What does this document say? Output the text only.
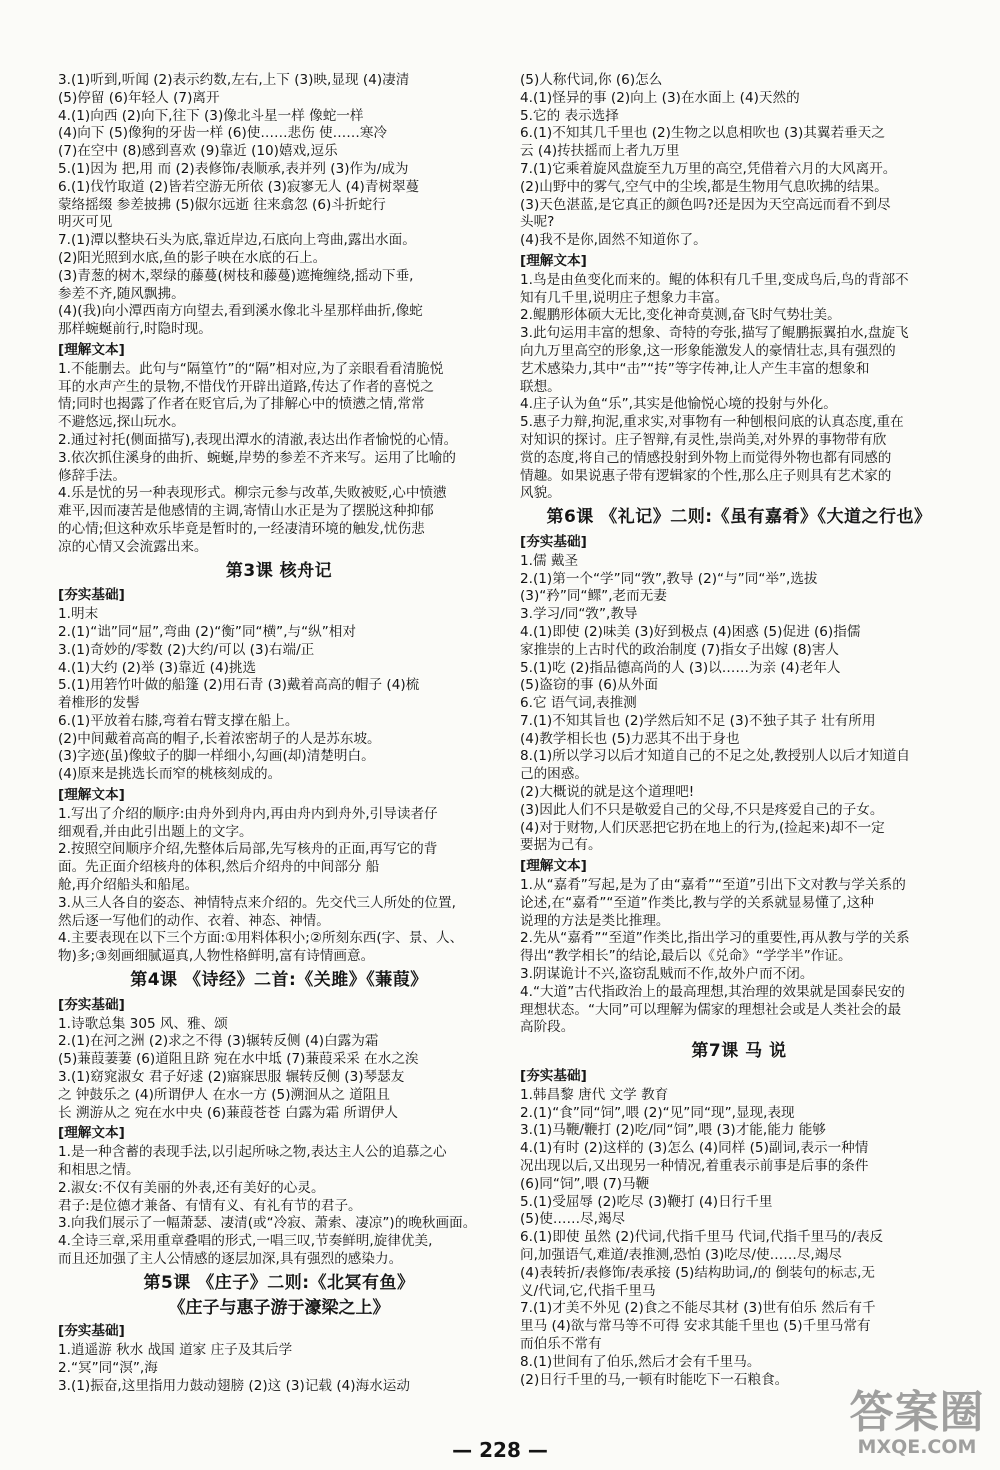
3.(1)听到,听闻 (2)表示约数,左右,上下 (3)映,显现 (4)凄清
(5)停留 (6)年轻人 (7)离开
4.(1)向西 (2)向下,往下 (3)像北斗星一样 像蛇一样
(4)向下 (5)像狗的牙齿一样 (6)使……悲伤 使……寒冷
(7)在空中 (8)感到喜欢 (9)靠近 (10)嬉戏,逗乐
5.(1)因为 把,用 而 (2)表修饰/表顺承,表并列 (3)作为/成为
6.(1)伐竹取道 (2)皆若空游无所依 (3)寂寥无人 (4)青树翠蔓
蒙络摇缀 参差披拂 (5)俶尔远逝 往来翕忽 (6)斗折蛇行
明灭可见
7.(1)潭以整块石头为底,靠近岸边,石底向上弯曲,露出水面。
(2)阳光照到水底,鱼的影子映在水底的石上。
(3)青葱的树木,翠绿的藤蔓(树枝和藤蔓)遮掩缠绕,摇动下垂,
参差不齐,随风飘拂。
(4)(我)向小潭西南方向望去,看到溪水像北斗星那样曲折,像蛇
那样蜿蜒前行,时隐时现。
[理解文本]
1.不能删去。此句与“隔篁竹”的“隔”相对应,为了亲眼看看清脆悦
耳的水声产生的景物,不惜伐竹开辟出道路,传达了作者的喜悦之
情;同时也揭露了作者在贬官后,为了排解心中的愤懑之情,常常
不避悠远,探山玩水。
2.通过衬托(侧面描写),表现出潭水的清澈,表达出作者愉悦的心情。
3.依次抓住溪身的曲折、蜿蜒,岸势的参差不齐来写。运用了比喻的
修辞手法。
4.乐是忧的另一种表现形式。柳宗元参与改革,失败被贬,心中愤懑
难平,因而凄苦是他感情的主调,寄情山水正是为了摆脱这种抑郁
的心情;但这种欢乐毕竟是暂时的,一经凄清环境的触发,忧伤悲
凉的心情又会流露出来。
第3课 核舟记
[夯实基础]
1.明末
2.(1)“诎”同“屈”,弯曲 (2)“衡”同“横”,与“纵”相对
3.(1)奇妙的/零数 (2)大约/可以 (3)右端/正
4.(1)大约 (2)举 (3)靠近 (4)挑选
5.(1)用箬竹叶做的船篷 (2)用石青 (3)戴着高高的帽子 (4)梳
着椎形的发髻
6.(1)平放着右膝,弯着右臂支撑在船上。
(2)中间戴着高高的帽子,长着浓密胡子的人是苏东坡。
(3)字迹(虽)像蚊子的脚一样细小,勾画(却)清楚明白。
(4)原来是挑选长而窄的桃核刻成的。
[理解文本]
1.写出了介绍的顺序:由舟外到舟内,再由舟内到舟外,引导读者仔
细观看,并由此引出题上的文字。
2.按照空间顺序介绍,先整体后局部,先写核舟的正面,再写它的背
面。先正面介绍核舟的体积,然后介绍舟的中间部分 船
舱,再介绍船头和船尾。
3.从三人各自的姿态、神情特点来介绍的。先交代三人所处的位置,
然后逐一写他们的动作、衣着、神态、神情。
4.主要表现在以下三个方面:①用料体积小;②所刻东西(字、景、人、
物)多;③刻画细腻逼真,人物性格鲜明,富有诗情画意。
第4课 《诗经》二首:《关雎》《蒹葭》
[夯实基础]
1.诗歌总集 305 风、雅、颂
2.(1)在河之洲 (2)求之不得 (3)辗转反侧 (4)白露为霜
(5)蒹葭萋萋 (6)道阻且跻 宛在水中坻 (7)蒹葭采采 在水之涘
3.(1)窈窕淑女 君子好逑 (2)寤寐思服 辗转反侧 (3)琴瑟友
之 钟鼓乐之 (4)所谓伊人 在水一方 (5)溯洄从之 道阻且
长 溯游从之 宛在水中央 (6)蒹葭苍苍 白露为霜 所谓伊人
[理解文本]
1.是一种含蓄的表现手法,以引起所咏之物,表达主人公的追慕之心
和相思之情。
2.淑女:不仅有美丽的外表,还有美好的心灵。
君子:是位德才兼备、有情有义、有礼有节的君子。
3.向我们展示了一幅萧瑟、凄清(或“冷寂、萧索、凄凉”)的晚秋画面。
4.全诗三章,采用重章叠唱的形式,一唱三叹,节奏鲜明,旋律优美,
而且还加强了主人公情感的逐层加深,具有强烈的感染力。
第5课 《庄子》二则:《北冥有鱼》
《庄子与惠子游于濠梁之上》
[夯实基础]
1.逍遥游 秋水 战国 道家 庄子及其后学
2.“冥”同“溟”,海
3.(1)振奋,这里指用力鼓动翅膀 (2)这 (3)记载 (4)海水运动
(5)人称代词,你 (6)怎么
4.(1)怪异的事 (2)向上 (3)在水面上 (4)天然的
5.它的 表示选择
6.(1)不知其几千里也 (2)生物之以息相吹也 (3)其翼若垂天之
云 (4)抟扶摇而上者九万里
7.(1)它乘着旋风盘旋至九万里的高空,凭借着六月的大风离开。
(2)山野中的雾气,空气中的尘埃,都是生物用气息吹拂的结果。
(3)天色湛蓝,是它真正的颜色吗?还是因为天空高远而看不到尽
头呢?
(4)我不是你,固然不知道你了。
[理解文本]
1.鸟是由鱼变化而来的。鲲的体积有几千里,变成鸟后,鸟的背部不
知有几千里,说明庄子想象力丰富。
2.鲲鹏形体硕大无比,变化神奇莫测,奋飞时气势壮美。
3.此句运用丰富的想象、奇特的夸张,描写了鲲鹏振翼拍水,盘旋飞
向九万里高空的形象,这一形象能激发人的豪情壮志,具有强烈的
艺术感染力,其中“击”“抟”等字传神,让人产生丰富的想象和
联想。
4.庄子认为鱼“乐”,其实是他愉悦心境的投射与外化。
5.惠子力辩,拘泥,重求实,对事物有一种刨根问底的认真态度,重在
对知识的探讨。庄子智辩,有灵性,崇尚美,对外界的事物带有欣
赏的态度,将自己的情感投射到外物上而觉得外物也都有同感的
情趣。如果说惠子带有逻辑家的个性,那么庄子则具有艺术家的
风貌。
第6课 《礼记》二则:《虽有嘉肴》《大道之行也》
[夯实基础]
1.儒 戴圣
2.(1)第一个“学”同“敩”,教导 (2)“与”同“举”,选拔
(3)“矜”同“鳏”,老而无妻
3.学习/同“敩”,教导
4.(1)即使 (2)味美 (3)好到极点 (4)困惑 (5)促进 (6)指儒
家推崇的上古时代的政治制度 (7)指女子出嫁 (8)害人
5.(1)吃 (2)指品德高尚的人 (3)以……为亲 (4)老年人
(5)盗窃的事 (6)从外面
6.它 语气词,表推测
7.(1)不知其旨也 (2)学然后知不足 (3)不独子其子 壮有所用
(4)教学相长也 (5)力恶其不出于身也
8.(1)所以学习以后才知道自己的不足之处,教授别人以后才知道自
己的困惑。
(2)大概说的就是这个道理吧!
(3)因此人们不只是敬爱自己的父母,不只是疼爱自己的子女。
(4)对于财物,人们厌恶把它扔在地上的行为,(捡起来)却不一定
要据为己有。
[理解文本]
1.从“嘉肴”写起,是为了由“嘉肴”“至道”引出下文对教与学关系的
论述,在“嘉肴”“至道”作类比,教与学的关系就显易懂了,这种
说理的方法是类比推理。
2.先从“嘉肴”“至道”作类比,指出学习的重要性,再从教与学的关系
得出“教学相长”的结论,最后以《兑命》“学学半”作证。
3.阴谋诡计不兴,盗窃乱贼而不作,故外户而不闭。
4.“大道”古代指政治上的最高理想,其治理的效果就是国泰民安的
理想状态。“大同”可以理解为儒家的理想社会或是人类社会的最
高阶段。
第7课 马 说
[夯实基础]
1.韩昌黎 唐代 文学 教育
2.(1)“食”同“饲”,喂 (2)“见”同“现”,显现,表现
3.(1)马鞭/鞭打 (2)吃/同“饲”,喂 (3)才能,能力 能够
4.(1)有时 (2)这样的 (3)怎么 (4)同样 (5)副词,表示一种情
况出现以后,又出现另一种情况,着重表示前事是后事的条件
(6)同“饲”,喂 (7)马鞭
5.(1)受屈辱 (2)吃尽 (3)鞭打 (4)日行千里
(5)使……尽,竭尽
6.(1)即使 虽然 (2)代词,代指千里马 代词,代指千里马的/表反
问,加强语气,难道/表推测,恐怕 (3)吃尽/使……尽,竭尽
(4)表转折/表修饰/表承接 (5)结构助词,/的 倒装句的标志,无
义/代词,它,代指千里马
7.(1)才美不外见 (2)食之不能尽其材 (3)世有伯乐 然后有千
里马 (4)欲与常马等不可得 安求其能千里也 (5)千里马常有
而伯乐不常有
8.(1)世间有了伯乐,然后才会有千里马。
(2)日行千里的马,一顿有时能吃下一石粮食。
— 228 —
答案圈
MXQE.COM
